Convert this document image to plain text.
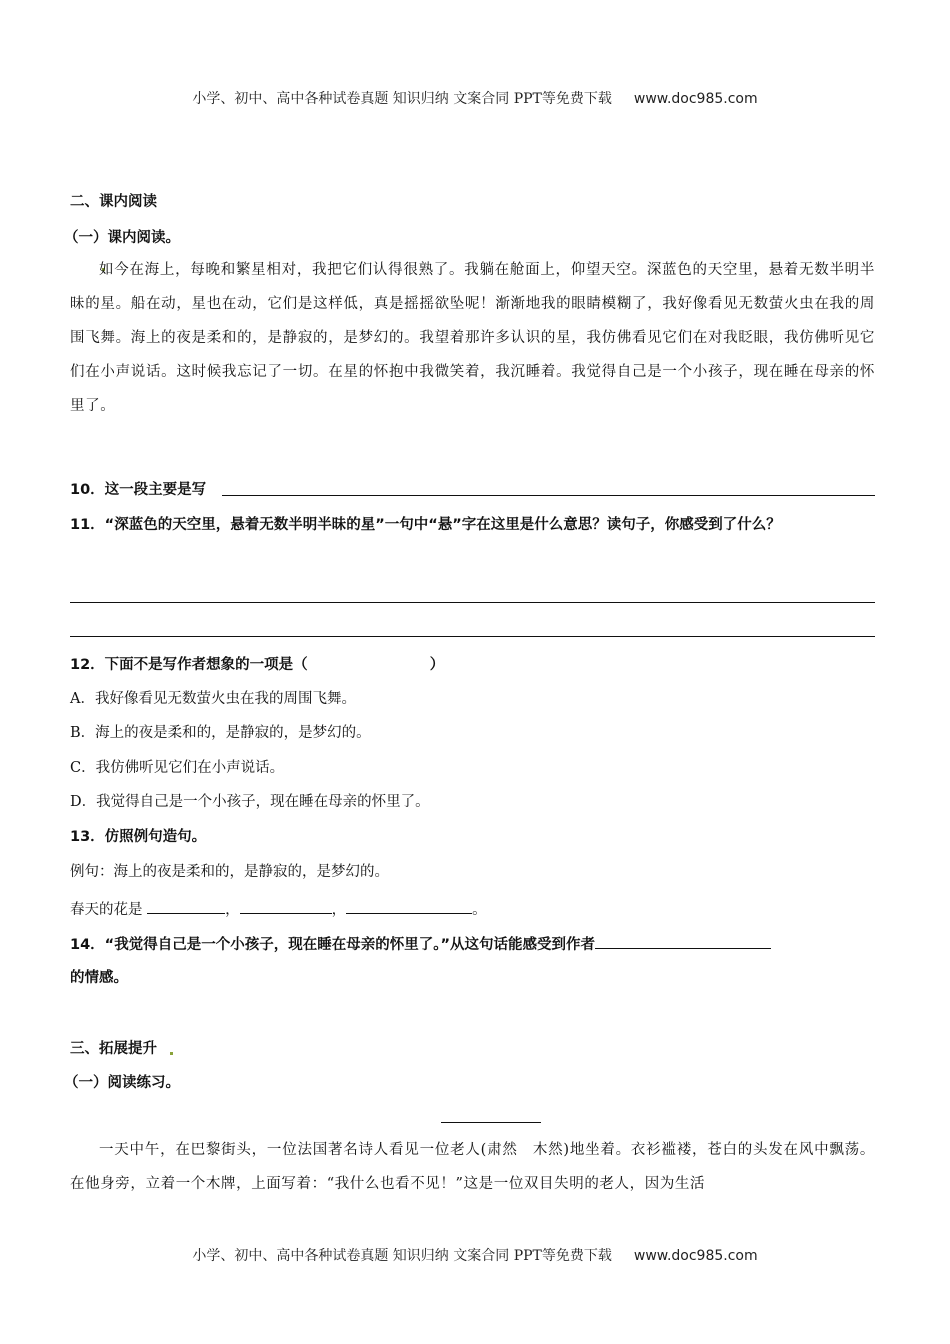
小学、初中、高中各种试卷真题 知识归纳 文案合同 PPT等免费下载 www.doc985.com
二、课内阅读
（一）课内阅读。
如今在海上，每晚和繁星相对，我把它们认得很熟了。我躺在舱面上，仰望天空。深蓝色的天空里，悬着无数半明半昧的星。船在动，星也在动，它们是这样低，真是摇摇欲坠呢！渐渐地我的眼睛模糊了，我好像看见无数萤火虫在我的周围飞舞。海上的夜是柔和的，是静寂的，是梦幻的。我望着那许多认识的星，我仿佛看见它们在对我眨眼，我仿佛听见它们在小声说话。这时候我忘记了一切。在星的怀抱中我微笑着，我沉睡着。我觉得自己是一个小孩子，现在睡在母亲的怀里了。
10．这一段主要是写
11．“深蓝色的天空里，悬着无数半明半昧的星”一句中“悬”字在这里是什么意思？读句子，你感受到了什么？
12．下面不是写作者想象的一项是（	）
A．我好像看见无数萤火虫在我的周围飞舞。
B．海上的夜是柔和的，是静寂的，是梦幻的。
C．我仿佛听见它们在小声说话。
D．我觉得自己是一个小孩子，现在睡在母亲的怀里了。
13．仿照例句造句。
例句：海上的夜是柔和的，是静寂的，是梦幻的。
春天的花是	，	，	。
14．“我觉得自己是一个小孩子，现在睡在母亲的怀里了。”从这句话能感受到作者
的情感。
三、拓展提升
（一）阅读练习。
一天中午，在巴黎街头，一位法国著名诗人看见一位老人(肃然　木然)地坐着。衣衫褴褛，苍白的头发在风中飘荡。在他身旁，立着一个木牌，上面写着：“我什么也看不见！”这是一位双目失明的老人，因为生活
小学、初中、高中各种试卷真题 知识归纳 文案合同 PPT等免费下载 www.doc985.com
